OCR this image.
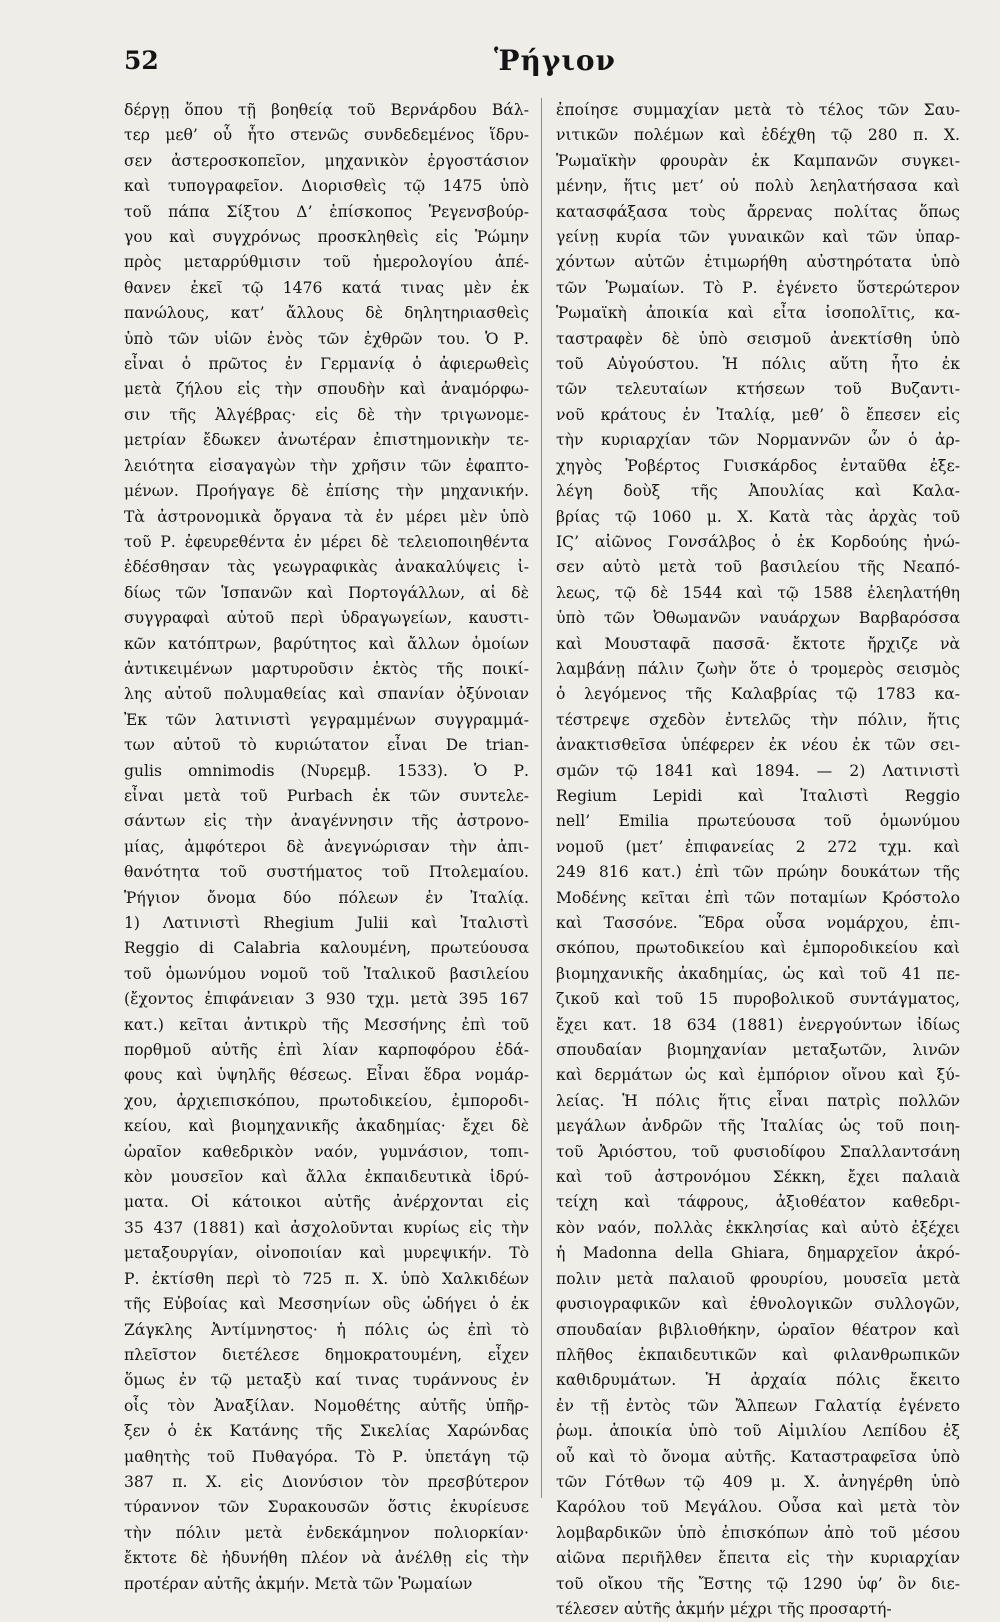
52	Ῥήγιον
δέργῃ ὅπου τῇ βοηθείᾳ τοῦ Βερνάρδου Βάλ-
τερ μεθ’ οὗ ἦτο στενῶς συνδεδεμένος ἵδρυ-
σεν ἀστεροσκοπεῖον, μηχανικὸν ἐργοστάσιον
καὶ τυπογραφεῖον. Διορισθεὶς τῷ 1475 ὑπὸ
τοῦ πάπα Σίξτου Δ’ ἐπίσκοπος Ῥεγενσβούρ-
γου καὶ συγχρόνως προσκληθεὶς εἰς Ῥώμην
πρὸς μεταρρύθμισιν τοῦ ἡμερολογίου ἀπέ-
θανεν ἐκεῖ τῷ 1476 κατά τινας μὲν ἐκ
πανώλους, κατ’ ἄλλους δὲ δηλητηριασθεὶς
ὑπὸ τῶν υἱῶν ἑνὸς τῶν ἐχθρῶν του. Ὁ Ρ.
εἶναι ὁ πρῶτος ἐν Γερμανίᾳ ὁ ἀφιερωθεὶς
μετὰ ζήλου εἰς τὴν σπουδὴν καὶ ἀναμόρφω-
σιν τῆς Ἀλγέβρας· εἰς δὲ τὴν τριγωνομε-
μετρίαν ἔδωκεν ἀνωτέραν ἐπιστημονικὴν τε-
λειότητα εἰσαγαγὼν τὴν χρῆσιν τῶν ἐφαπτο-
μένων. Προήγαγε δὲ ἐπίσης τὴν μηχανικήν.
Τὰ ἀστρονομικὰ ὄργανα τὰ ἐν μέρει μὲν ὑπὸ
τοῦ Ρ. ἐφευρεθέντα ἐν μέρει δὲ τελειοποιηθέντα
ἐδέσθησαν τὰς γεωγραφικὰς ἀνακαλύψεις ἰ-
δίως τῶν Ἱσπανῶν καὶ Πορτογάλλων, αἱ δὲ
συγγραφαὶ αὐτοῦ περὶ ὑδραγωγείων, καυστι-
κῶν κατόπτρων, βαρύτητος καὶ ἄλλων ὁμοίων
ἀντικειμένων μαρτυροῦσιν ἐκτὸς τῆς ποικί-
λης αὐτοῦ πολυμαθείας καὶ σπανίαν ὀξύνοιαν
Ἐκ τῶν λατινιστὶ γεγραμμένων συγγραμμά-
των αὐτοῦ τὸ κυριώτατον εἶναι De trian-
gulis omnimodis (Νυρεμβ. 1533). Ὁ Ρ.
εἶναι μετὰ τοῦ Purbach ἐκ τῶν συντελε-
σάντων εἰς τὴν ἀναγέννησιν τῆς ἀστρονο-
μίας, ἀμφότεροι δὲ ἀνεγνώρισαν τὴν ἀπι-
θανότητα τοῦ συστήματος τοῦ Πτολεμαίου.
Ῥήγιον ὄνομα δύο πόλεων ἐν Ἰταλίᾳ.
1) Λατινιστὶ Rhegium Julii καὶ Ἰταλιστὶ
Reggio di Calabria καλουμένη, πρωτεύουσα
τοῦ ὁμωνύμου νομοῦ τοῦ Ἰταλικοῦ βασιλείου
(ἔχοντος ἐπιφάνειαν 3 930 τχμ. μετὰ 395 167
κατ.) κεῖται ἀντικρὺ τῆς Μεσσήνης ἐπὶ τοῦ
πορθμοῦ αὐτῆς ἐπὶ λίαν καρποφόρου ἐδά-
φους καὶ ὑψηλῆς θέσεως. Εἶναι ἕδρα νομάρ-
χου, ἀρχιεπισκόπου, πρωτοδικείου, ἐμποροδι-
κείου, καὶ βιομηχανικῆς ἀκαδημίας· ἔχει δὲ
ὡραῖον καθεδρικὸν ναόν, γυμνάσιον, τοπι-
κὸν μουσεῖον καὶ ἄλλα ἐκπαιδευτικὰ ἱδρύ-
ματα. Οἱ κάτοικοι αὐτῆς ἀνέρχονται εἰς
35 437 (1881) καὶ ἀσχολοῦνται κυρίως εἰς τὴν
μεταξουργίαν, οἰνοποιίαν καὶ μυρεψικήν. Τὸ
Ρ. ἐκτίσθη περὶ τὸ 725 π. Χ. ὑπὸ Χαλκιδέων
τῆς Εὐβοίας καὶ Μεσσηνίων οὓς ὡδήγει ὁ ἐκ
Ζάγκλης Ἀντίμνηστος· ἡ πόλις ὡς ἐπὶ τὸ
πλεῖστον διετέλεσε δημοκρατουμένη, εἶχεν
ὅμως ἐν τῷ μεταξὺ καί τινας τυράννους ἐν
οἷς τὸν Ἀναξίλαν. Νομοθέτης αὐτῆς ὑπῆρ-
ξεν ὁ ἐκ Κατάνης τῆς Σικελίας Χαρώνδας
μαθητὴς τοῦ Πυθαγόρα. Τὸ Ρ. ὑπετάγη τῷ
387 π. Χ. εἰς Διονύσιον τὸν πρεσβύτερον
τύραννον τῶν Συρακουσῶν ὅστις ἐκυρίευσε
τὴν πόλιν μετὰ ἐνδεκάμηνον πολιορκίαν·
ἔκτοτε δὲ ἠδυνήθη πλέον νὰ ἀνέλθῃ εἰς τὴν
προτέραν αὐτῆς ἀκμήν. Μετὰ τῶν Ῥωμαίων
ἐποίησε συμμαχίαν μετὰ τὸ τέλος τῶν Σαυ-
νιτικῶν πολέμων καὶ ἐδέχθη τῷ 280 π. Χ.
Ῥωμαϊκὴν φρουρὰν ἐκ Καμπανῶν συγκει-
μένην, ἥτις μετ’ οὐ πολὺ λεηλατήσασα καὶ
κατασφάξασα τοὺς ἄρρενας πολίτας ὅπως
γείνῃ κυρία τῶν γυναικῶν καὶ τῶν ὑπαρ-
χόντων αὐτῶν ἐτιμωρήθη αὐστηρότατα ὑπὸ
τῶν Ῥωμαίων. Τὸ Ρ. ἐγένετο ὕστερώτερον
Ῥωμαϊκὴ ἀποικία καὶ εἶτα ἰσοπολῖτις, κα-
ταστραφὲν δὲ ὑπὸ σεισμοῦ ἀνεκτίσθη ὑπὸ
τοῦ Αὐγούστου. Ἡ πόλις αὕτη ἦτο ἐκ
τῶν τελευταίων κτήσεων τοῦ Βυζαντι-
νοῦ κράτους ἐν Ἰταλίᾳ, μεθ’ ὃ ἔπεσεν εἰς
τὴν κυριαρχίαν τῶν Νορμαννῶν ὧν ὁ ἀρ-
χηγὸς Ῥοβέρτος Γυισκάρδος ἐνταῦθα ἐξε-
λέγη δοὺξ τῆς Ἀπουλίας καὶ Καλα-
βρίας τῷ 1060 μ. Χ. Κατὰ τὰς ἀρχὰς τοῦ
ΙϚ’ αἰῶνος Γονσάλβος ὁ ἐκ Κορδούης ἠνώ-
σεν αὐτὸ μετὰ τοῦ βασιλείου τῆς Νεαπό-
λεως, τῷ δὲ 1544 καὶ τῷ 1588 ἐλεηλατήθη
ὑπὸ τῶν Ὀθωμανῶν ναυάρχων Βαρβαρόσσα
καὶ Μουσταφᾶ πασσᾶ· ἔκτοτε ἤρχιζε νὰ
λαμβάνῃ πάλιν ζωὴν ὅτε ὁ τρομερὸς σεισμὸς
ὁ λεγόμενος τῆς Καλαβρίας τῷ 1783 κα-
τέστρεψε σχεδὸν ἐντελῶς τὴν πόλιν, ἥτις
ἀνακτισθεῖσα ὑπέφερεν ἐκ νέου ἐκ τῶν σει-
σμῶν τῷ 1841 καὶ 1894. — 2) Λατινιστὶ
Regium Lepidi καὶ Ἰταλιστὶ Reggio
nell’ Emilia πρωτεύουσα τοῦ ὁμωνύμου
νομοῦ (μετ’ ἐπιφανείας 2 272 τχμ. καὶ
249 816 κατ.) ἐπὶ τῶν πρώην δουκάτων τῆς
Μοδένης κεῖται ἐπὶ τῶν ποταμίων Κρόστολο
καὶ Τασσόνε. Ἕδρα οὖσα νομάρχου, ἐπι-
σκόπου, πρωτοδικείου καὶ ἐμποροδικείου καὶ
βιομηχανικῆς ἀκαδημίας, ὡς καὶ τοῦ 41 πε-
ζικοῦ καὶ τοῦ 15 πυροβολικοῦ συντάγματος,
ἔχει κατ. 18 634 (1881) ἐνεργούντων ἰδίως
σπουδαίαν βιομηχανίαν μεταξωτῶν, λινῶν
καὶ δερμάτων ὡς καὶ ἐμπόριον οἴνου καὶ ξύ-
λείας. Ἡ πόλις ἥτις εἶναι πατρὶς πολλῶν
μεγάλων ἀνδρῶν τῆς Ἰταλίας ὡς τοῦ ποιη-
τοῦ Ἀριόστου, τοῦ φυσιοδίφου Σπαλλαντσάνη
καὶ τοῦ ἀστρονόμου Σέκκη, ἔχει παλαιὰ
τείχη καὶ τάφρους, ἀξιοθέατον καθεδρι-
κὸν ναόν, πολλὰς ἐκκλησίας καὶ αὐτὸ ἐξέχει
ἡ Madonna della Ghiara, δημαρχεῖον ἀκρό-
πολιν μετὰ παλαιοῦ φρουρίου, μουσεῖα μετὰ
φυσιογραφικῶν καὶ ἐθνολογικῶν συλλογῶν,
σπουδαίαν βιβλιοθήκην, ὡραῖον θέατρον καὶ
πλῆθος ἐκπαιδευτικῶν καὶ φιλανθρωπικῶν
καθιδρυμάτων. Ἡ ἀρχαία πόλις ἔκειτο
ἐν τῇ ἐντὸς τῶν Ἄλπεων Γαλατίᾳ ἐγένετο
ῥωμ. ἀποικία ὑπὸ τοῦ Αἰμιλίου Λεπίδου ἐξ
οὗ καὶ τὸ ὄνομα αὐτῆς. Καταστραφεῖσα ὑπὸ
τῶν Γότθων τῷ 409 μ. Χ. ἀνηγέρθη ὑπὸ
Καρόλου τοῦ Μεγάλου. Οὖσα καὶ μετὰ τὸν
λομβαρδικῶν ὑπὸ ἐπισκόπων ἀπὸ τοῦ μέσου
αἰῶνα περιῆλθεν ἔπειτα εἰς τὴν κυριαρχίαν
τοῦ οἴκου τῆς Ἔστης τῷ 1290 ὑφ’ ὃν διε-
τέλεσεν αὐτῆς ἀκμήν μέχρι τῆς προσαρτή-
